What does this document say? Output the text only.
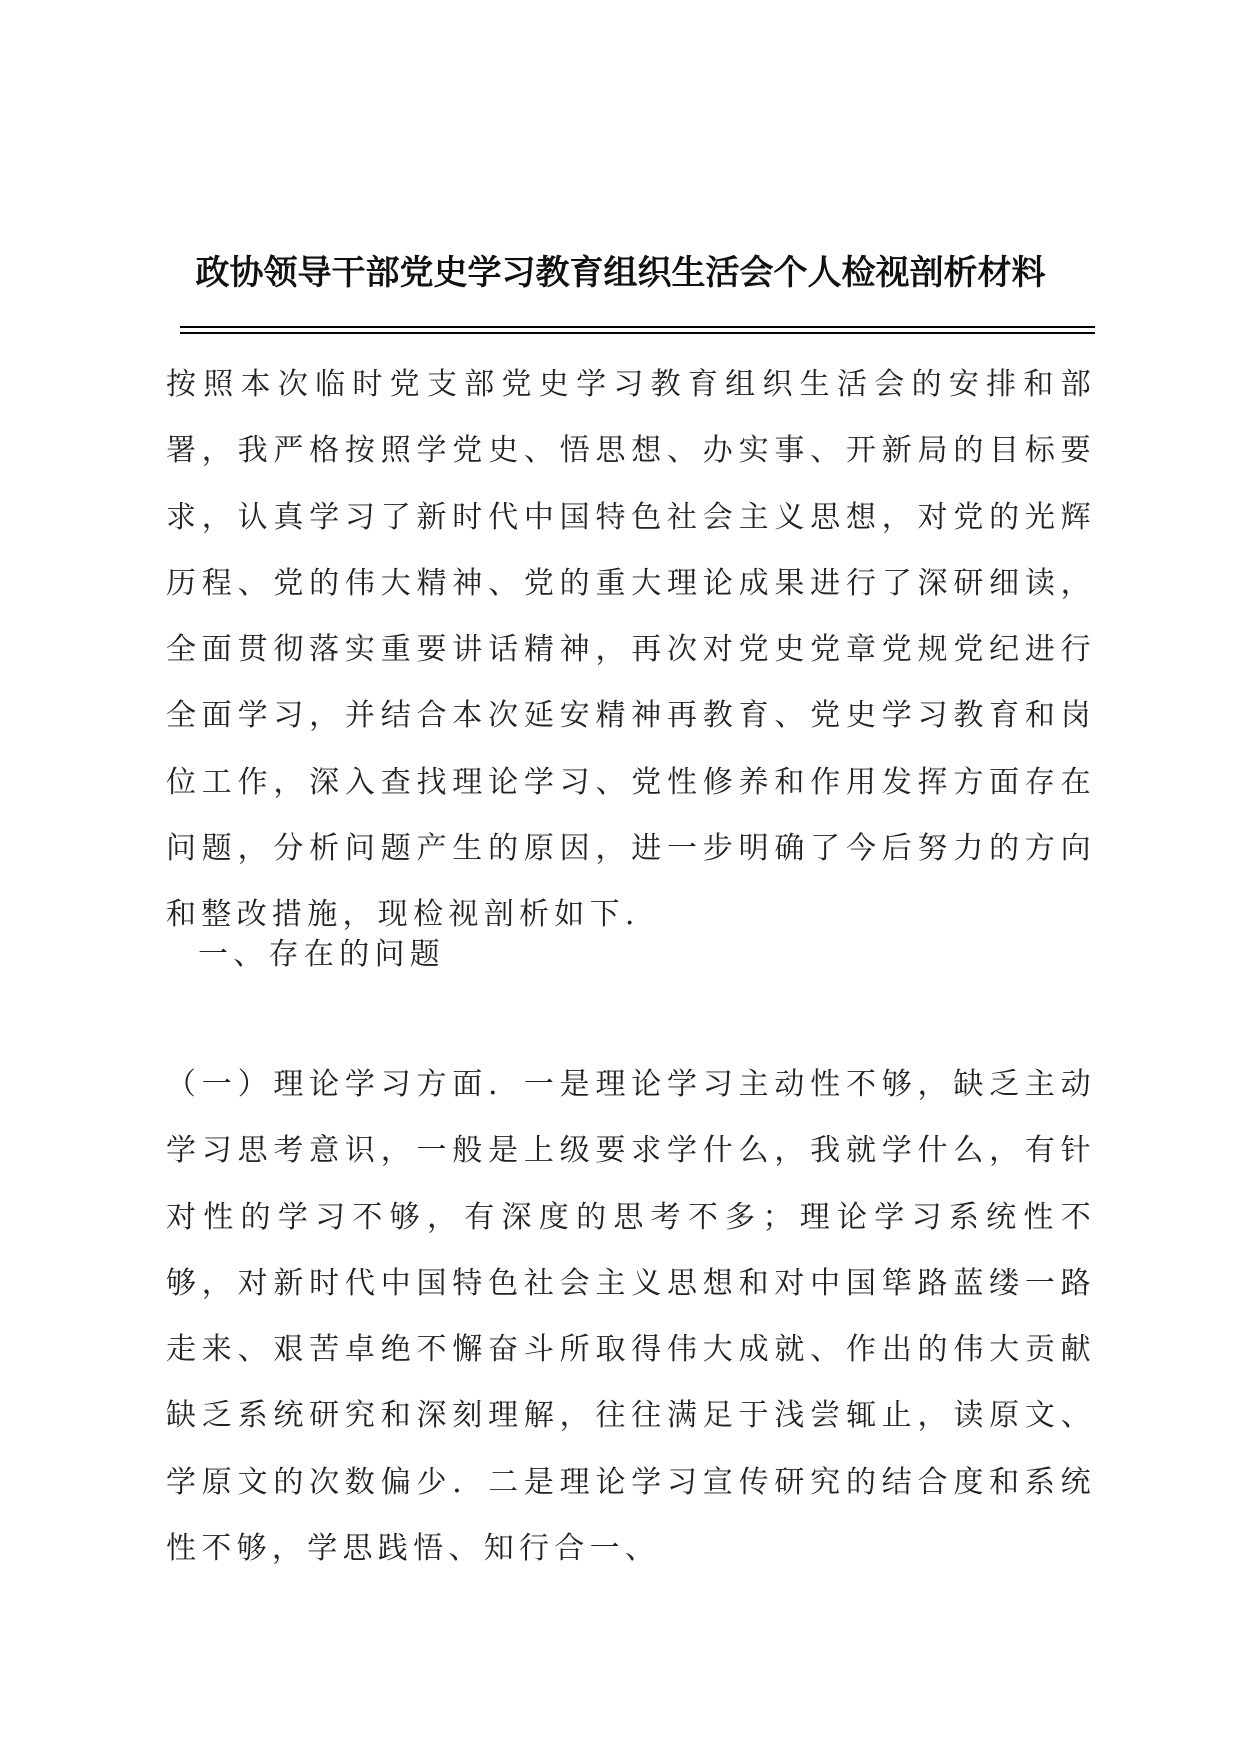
政协领导干部党史学习教育组织生活会个人检视剖析材料

按照本次临时党支部党史学习教育组织生活会的安排和部署，我严格按照学党史、悟思想、办实事、开新局的目标要求，认真学习了新时代中国特色社会主义思想，对党的光辉历程、党的伟大精神、党的重大理论成果进行了深研细读，全面贯彻落实重要讲话精神，再次对党史党章党规党纪进行全面学习，并结合本次延安精神再教育、党史学习教育和岗位工作，深入查找理论学习、党性修养和作用发挥方面存在问题，分析问题产生的原因，进一步明确了今后努力的方向和整改措施，现检视剖析如下.

一、存在的问题

（一）理论学习方面．一是理论学习主动性不够，缺乏主动学习思考意识，一般是上级要求学什么，我就学什么，有针对性的学习不够，有深度的思考不多；理论学习系统性不够，对新时代中国特色社会主义思想和对中国筚路蓝缕一路走来、艰苦卓绝不懈奋斗所取得伟大成就、作出的伟大贡献缺乏系统研究和深刻理解，往往满足于浅尝辄止，读原文、学原文的次数偏少．二是理论学习宣传研究的结合度和系统性不够，学思践悟、知行合一、
